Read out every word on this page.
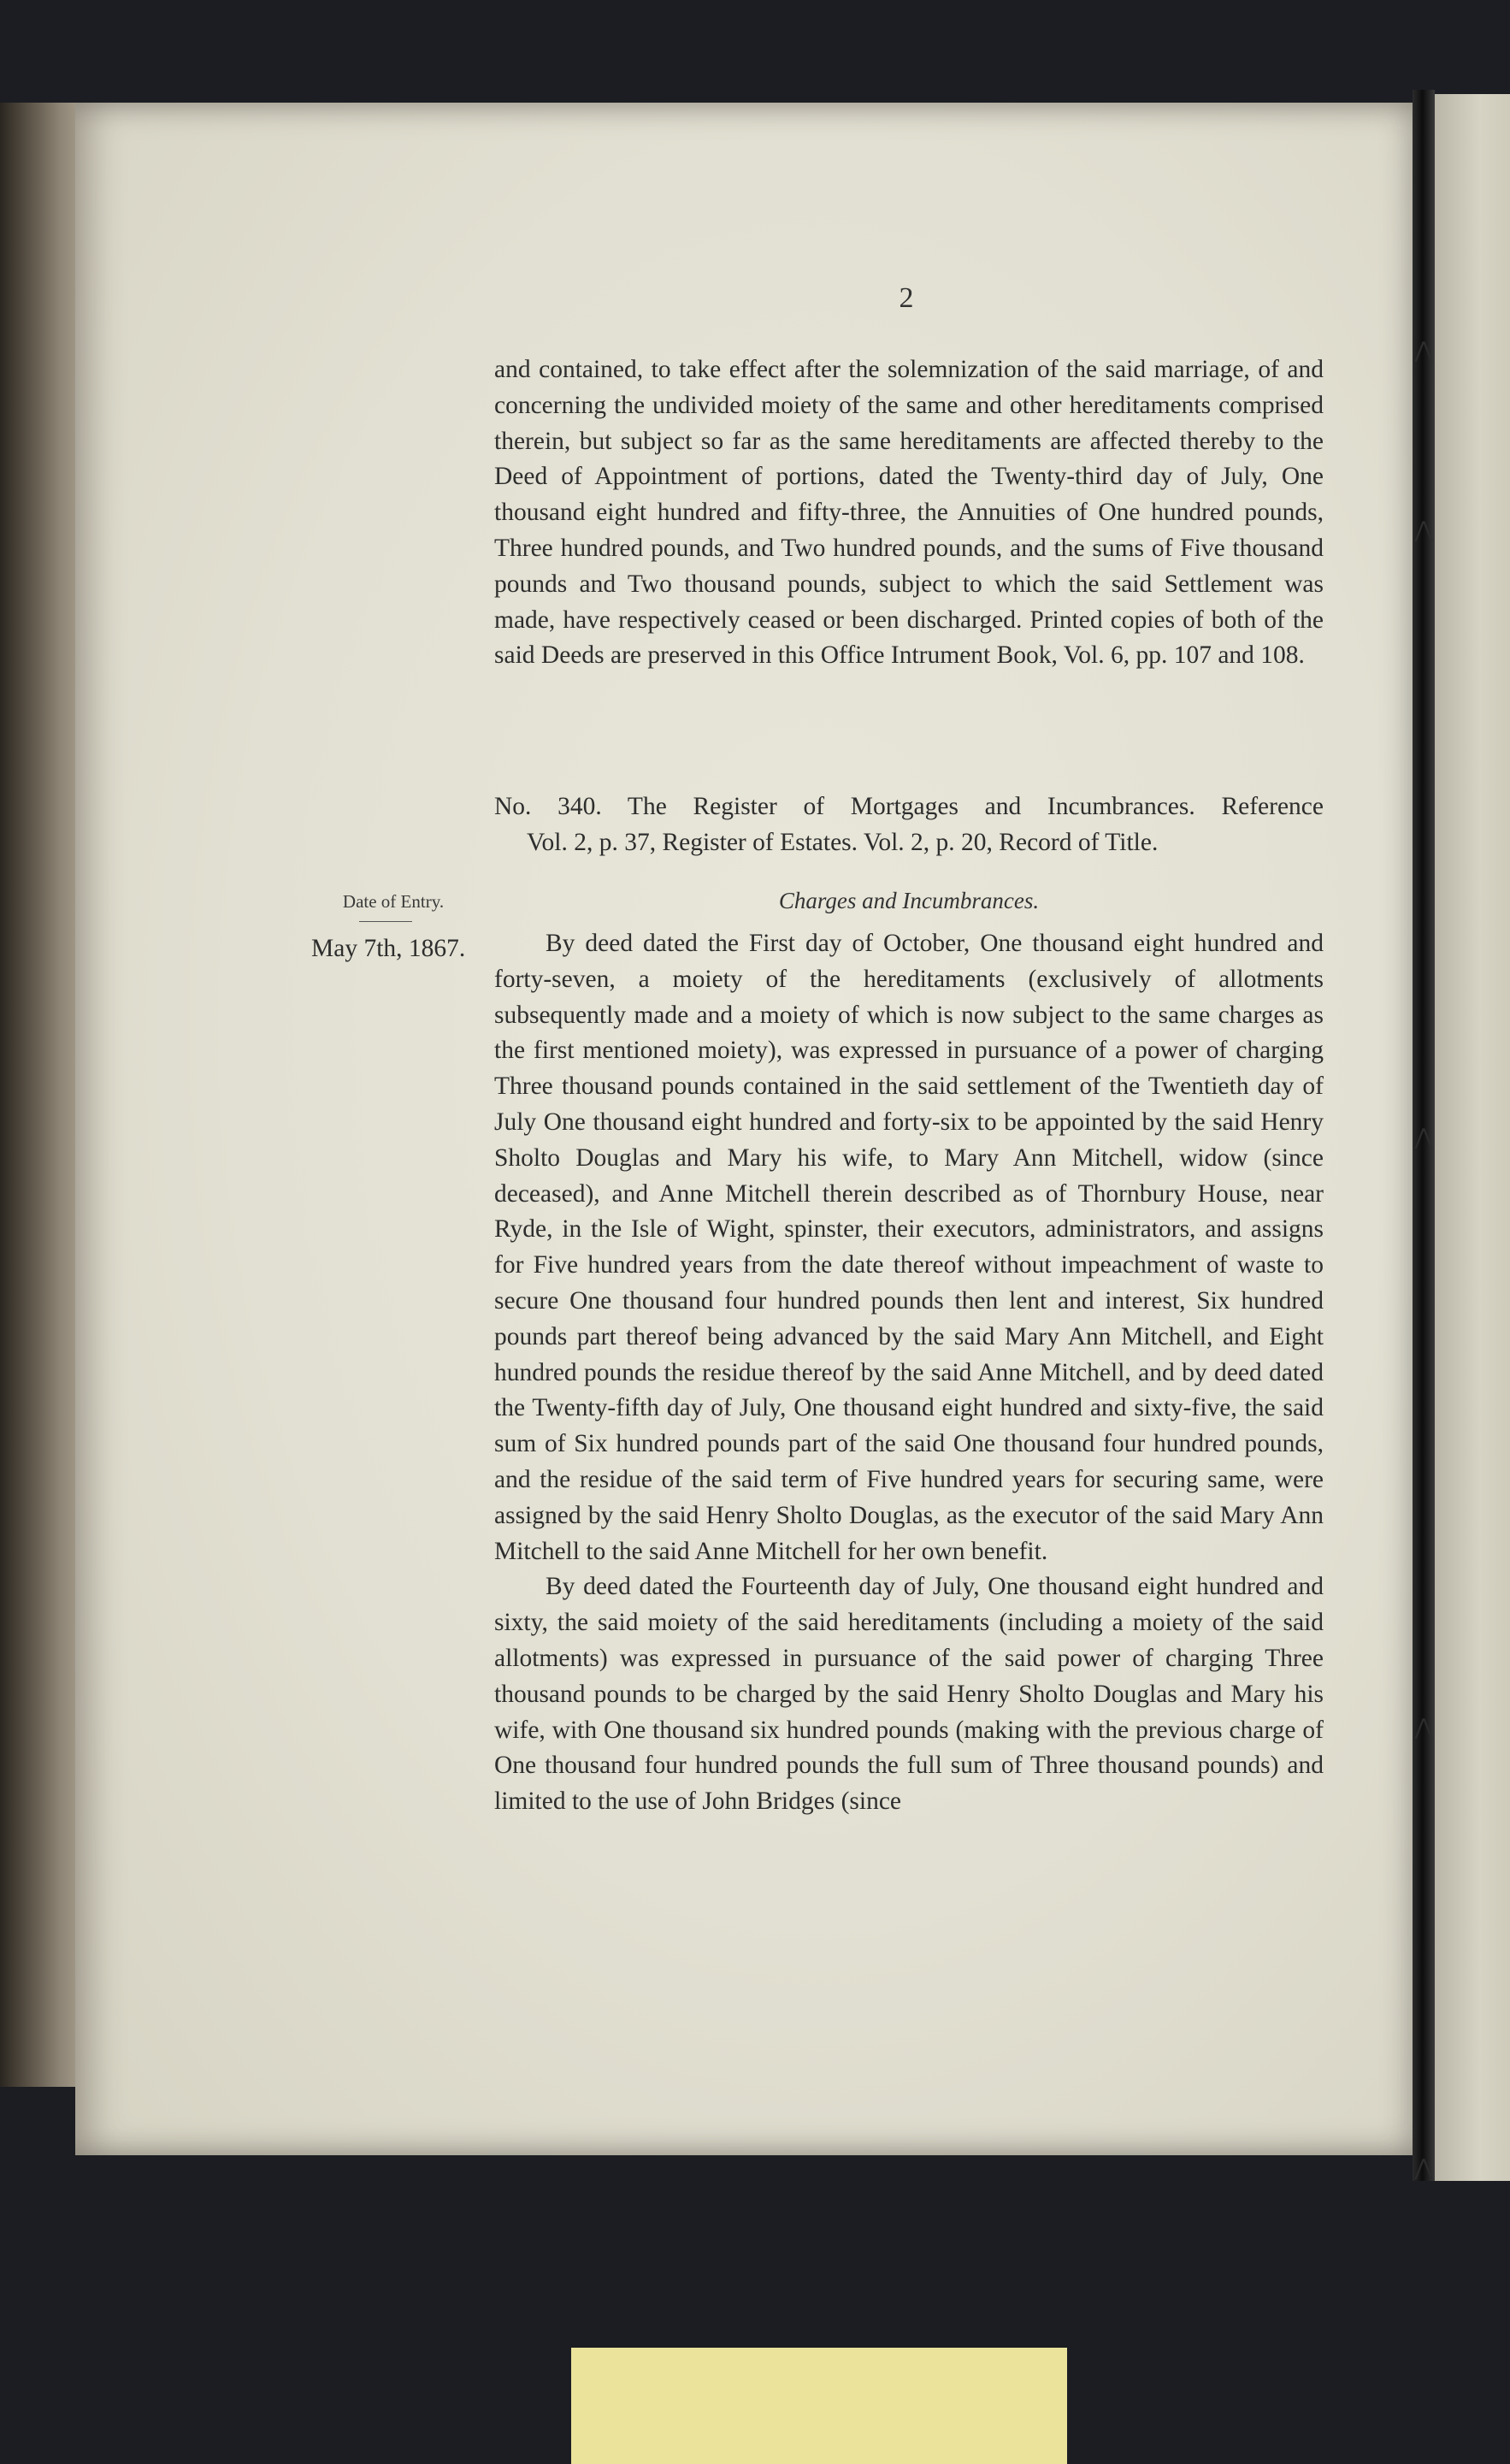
⋀
⋀
⋀
⋀
⋀
2

and contained, to take effect after the solemnization of the said marriage, of and concerning the undivided moiety of the same and other hereditaments comprised therein, but subject so far as the same hereditaments are affected thereby to the Deed of Appointment of portions, dated the Twenty-third day of July, One thousand eight hundred and fifty-three, the Annuities of One hundred pounds, Three hundred pounds, and Two hundred pounds, and the sums of Five thousand pounds and Two thousand pounds, subject to which the said Settlement was made, have respectively ceased or been discharged. Printed copies of both of the said Deeds are preserved in this Office Intrument Book, Vol. 6, pp. 107 and 108.

No. 340. The Register of Mortgages and Incumbrances. Reference
Vol. 2, p. 37, Register of Estates. Vol. 2, p. 20, Record of Title.
Date of Entry.
May 7th, 1867.
Charges and Incumbrances.

By deed dated the First day of October, One thousand eight hundred and forty-seven, a moiety of the hereditaments (exclusively of allotments subsequently made and a moiety of which is now subject to the same charges as the first mentioned moiety), was expressed in pursuance of a power of charging Three thousand pounds contained in the said settlement of the Twentieth day of July One thousand eight hundred and forty-six to be appointed by the said Henry Sholto Douglas and Mary his wife, to Mary Ann Mitchell, widow (since deceased), and Anne Mitchell therein described as of Thornbury House, near Ryde, in the Isle of Wight, spinster, their executors, administrators, and assigns for Five hundred years from the date thereof without impeachment of waste to secure One thousand four hundred pounds then lent and interest, Six hundred pounds part thereof being advanced by the said Mary Ann Mitchell, and Eight hundred pounds the residue thereof by the said Anne Mitchell, and by deed dated the Twenty-fifth day of July, One thousand eight hundred and sixty-five, the said sum of Six hundred pounds part of the said One thousand four hundred pounds, and the residue of the said term of Five hundred years for securing same, were assigned by the said Henry Sholto Douglas, as the executor of the said Mary Ann Mitchell to the said Anne Mitchell for her own benefit.

By deed dated the Fourteenth day of July, One thousand eight hundred and sixty, the said moiety of the said hereditaments (including a moiety of the said allotments) was expressed in pursuance of the said power of charging Three thousand pounds to be charged by the said Henry Sholto Douglas and Mary his wife, with One thousand six hundred pounds (making with the previous charge of One thousand four hundred pounds the full sum of Three thousand pounds) and limited to the use of John Bridges (since
